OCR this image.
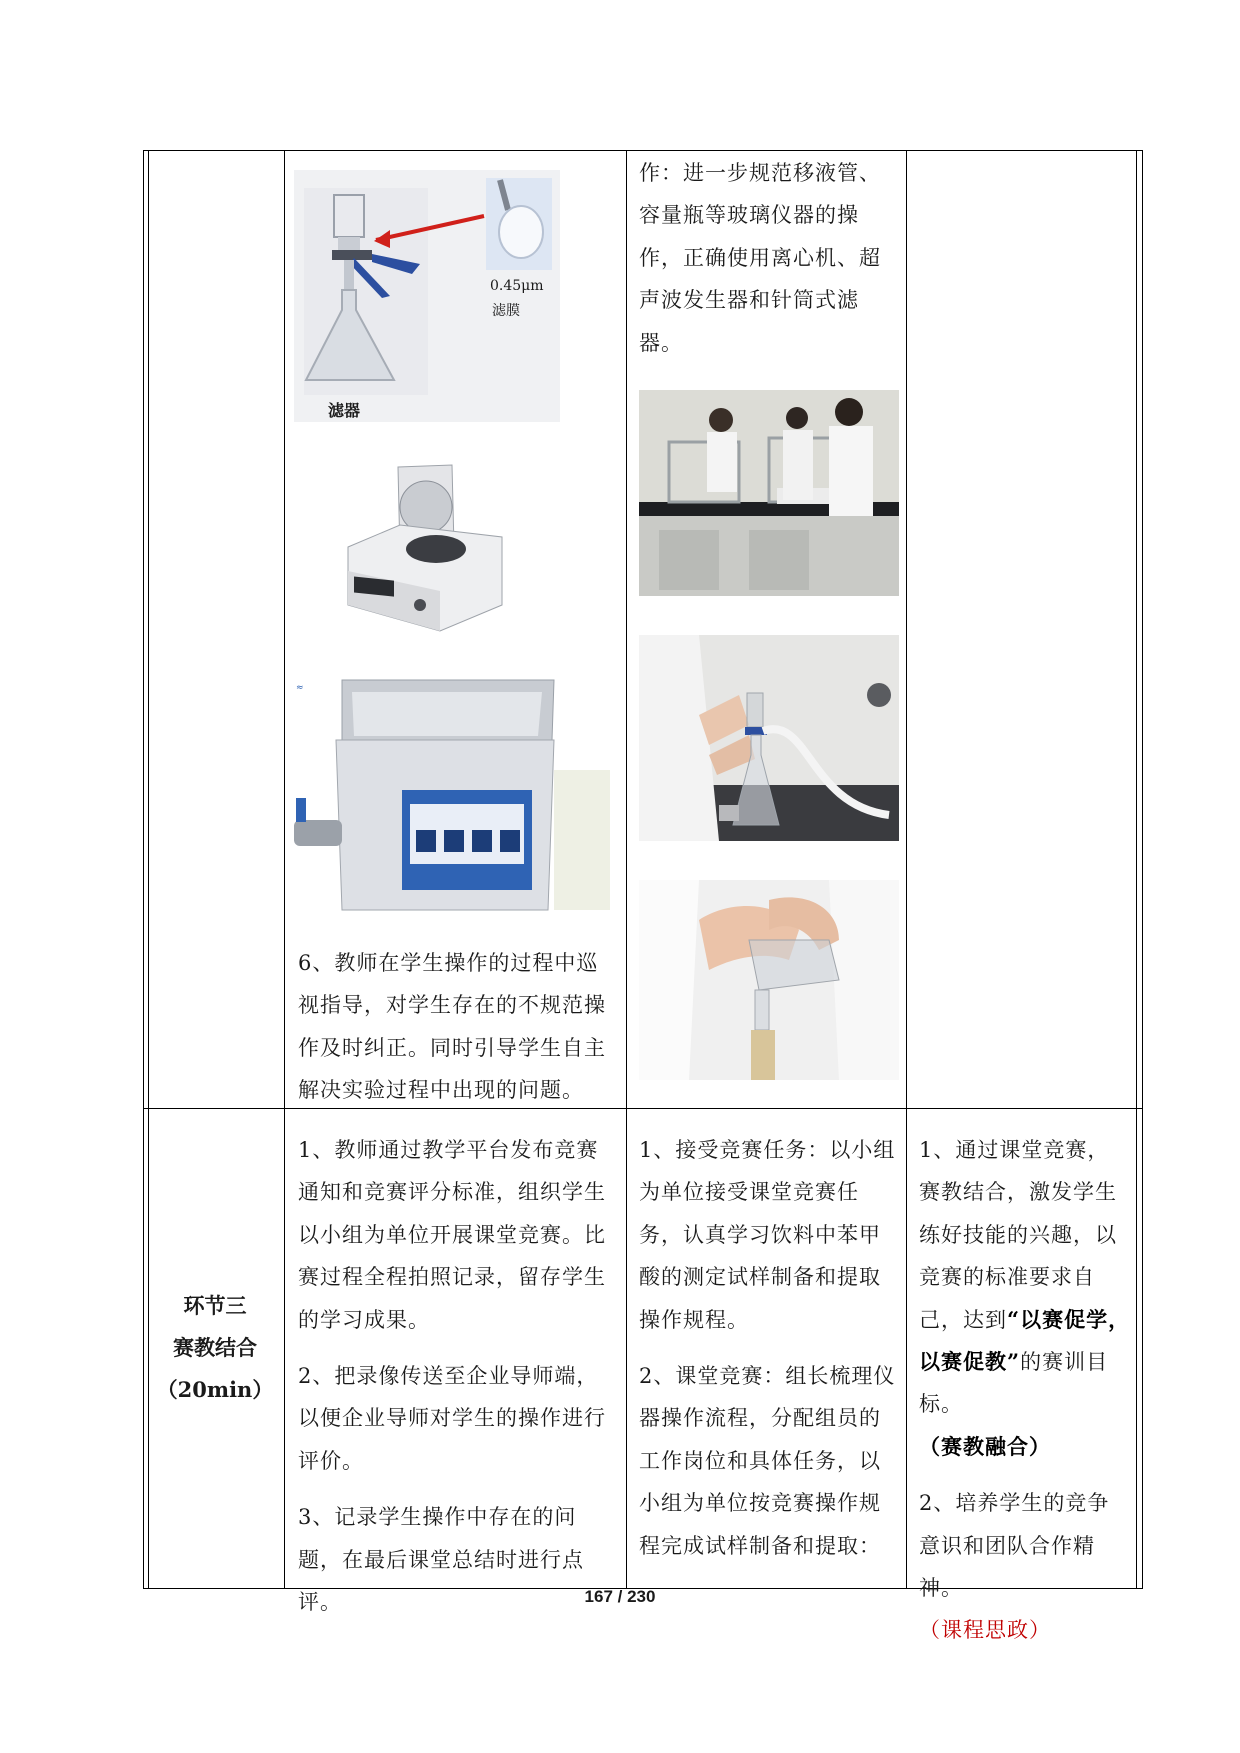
0.45μm
滤膜
滤器
≈
6、教师在学生操作的过程中巡视指导，对学生存在的不规范操作及时纠正。同时引导学生自主解决实验过程中出现的问题。
作：进一步规范移液管、容量瓶等玻璃仪器的操作，正确使用离心机、超声波发生器和针筒式滤器。
环节三
赛教结合
（20min）

1、教师通过教学平台发布竞赛通知和竞赛评分标准，组织学生以小组为单位开展课堂竞赛。比赛过程全程拍照记录，留存学生的学习成果。

2、把录像传送至企业导师端，以便企业导师对学生的操作进行评价。

3、记录学生操作中存在的问题，在最后课堂总结时进行点评。

1、接受竞赛任务：以小组为单位接受课堂竞赛任务，认真学习饮料中苯甲酸的测定试样制备和提取操作规程。

2、课堂竞赛：组长梳理仪器操作流程，分配组员的工作岗位和具体任务，以小组为单位按竞赛操作规程完成试样制备和提取：

1、通过课堂竞赛，赛教结合，激发学生练好技能的兴趣，以竞赛的标准要求自己，达到“以赛促学，以赛促教”的赛训目标。
（赛教融合）

2、培养学生的竞争意识和团队合作精神。
（课程思政）

167 / 230
